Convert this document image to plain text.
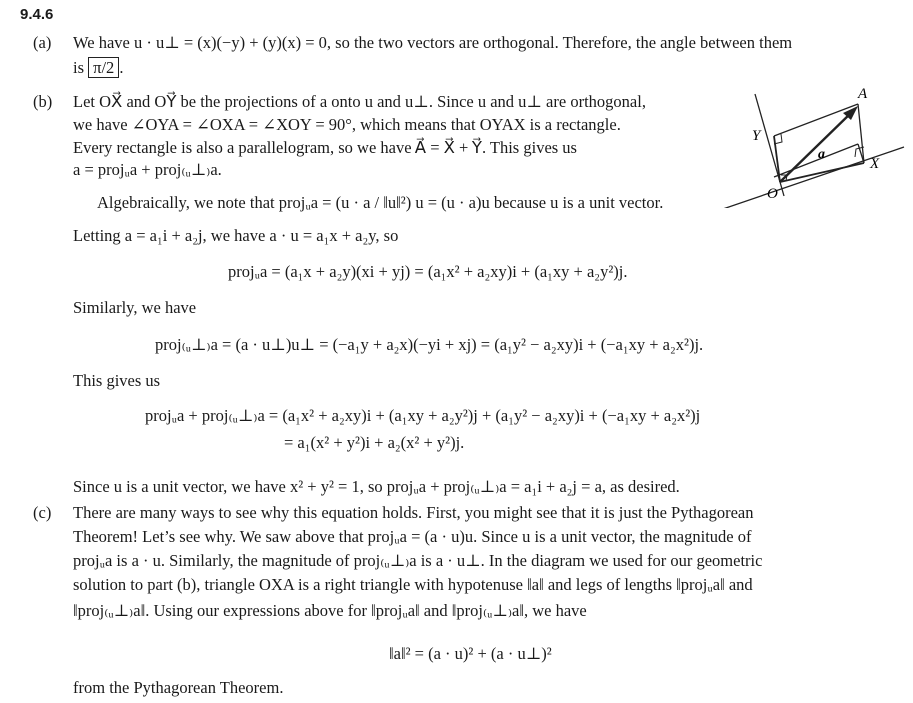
9.4.6
(a) We have u · u⊥ = (x)(−y) + (y)(x) = 0, so the two vectors are orthogonal. Therefore, the angle between them
is π/2 .
(b) Let OX⃗ and OY⃗ be the projections of a onto u and u⊥. Since u and u⊥ are orthogonal,
we have ∠OYA = ∠OXA = ∠XOY = 90°, which means that OYAX is a rectangle.
Every rectangle is also a parallelogram, so we have A⃗ = X⃗ + Y⃗. This gives us
a = projᵤa + proj₍ᵤ⊥₎a.
Algebraically, we note that projᵤa = (u · a / ‖u‖²) u = (u · a)u because u is a unit vector.
Letting a = a₁i + a₂j, we have a · u = a₁x + a₂y, so
projᵤa = (a₁x + a₂y)(xi + yj) = (a₁x² + a₂xy)i + (a₁xy + a₂y²)j.
Similarly, we have
proj₍ᵤ⊥₎a = (a · u⊥)u⊥ = (−a₁y + a₂x)(−yi + xj) = (a₁y² − a₂xy)i + (−a₁xy + a₂x²)j.
This gives us
projᵤa + proj₍ᵤ⊥₎a = (a₁x² + a₂xy)i + (a₁xy + a₂y²)j + (a₁y² − a₂xy)i + (−a₁xy + a₂x²)j
= a₁(x² + y²)i + a₂(x² + y²)j.
Since u is a unit vector, we have x² + y² = 1, so projᵤa + proj₍ᵤ⊥₎a = a₁i + a₂j = a, as desired.
A
X
Y
O
a
(c) There are many ways to see why this equation holds. First, you might see that it is just the Pythagorean
Theorem! Let’s see why. We saw above that projᵤa = (a · u)u. Since u is a unit vector, the magnitude of
projᵤa is a · u. Similarly, the magnitude of proj₍ᵤ⊥₎a is a · u⊥. In the diagram we used for our geometric
solution to part (b), triangle OXA is a right triangle with hypotenuse ‖a‖ and legs of lengths ‖projᵤa‖ and
‖proj₍ᵤ⊥₎a‖. Using our expressions above for ‖projᵤa‖ and ‖proj₍ᵤ⊥₎a‖, we have
‖a‖² = (a · u)² + (a · u⊥)²
from the Pythagorean Theorem.
